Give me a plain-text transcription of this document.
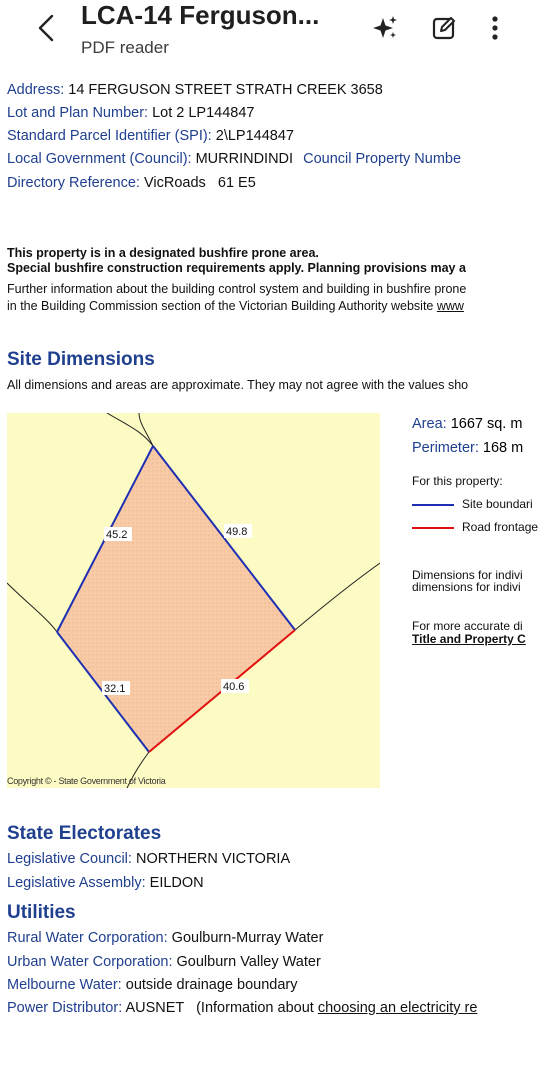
LCA-14 Ferguson...
PDF reader
Address: 14 FERGUSON STREET STRATH CREEK 3658
Lot and Plan Number: Lot 2 LP144847
Standard Parcel Identifier (SPI): 2\LP144847
Local Government (Council): MURRINDINDI Council Property Numbe
Directory Reference: VicRoads   61 E5
This property is in a designated bushfire prone area.
Special bushfire construction requirements apply. Planning provisions may a
Further information about the building control system and building in bushfire prone
in the Building Commission section of the Victorian Building Authority website www
Site Dimensions
All dimensions and areas are approximate. They may not agree with the values sho
45.2	49.8
32.1	40.6
Copyright © - State Government of Victoria
Area: 1667 sq. m
Perimeter: 168 m
For this property:
Site boundari
Road frontage
Dimensions for indivi
dimensions for indivi
For more accurate di
Title and Property C
State Electorates
Legislative Council: NORTHERN VICTORIA
Legislative Assembly: EILDON
Utilities
Rural Water Corporation: Goulburn-Murray Water
Urban Water Corporation: Goulburn Valley Water
Melbourne Water: outside drainage boundary
Power Distributor: AUSNET   (Information about choosing an electricity re
